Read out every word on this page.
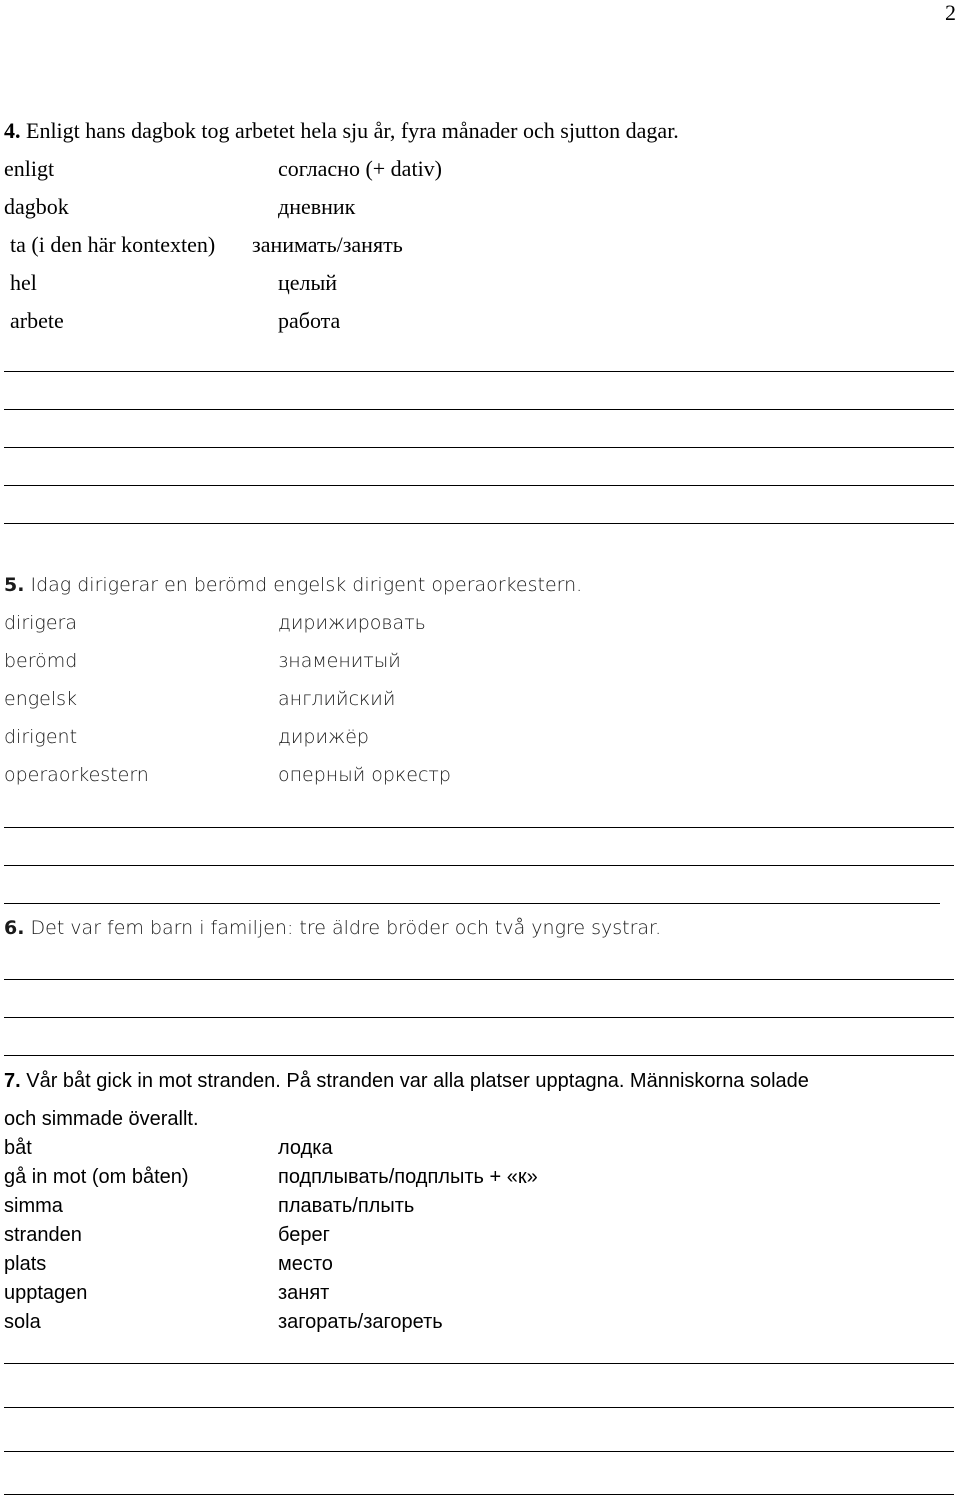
2
4. Enligt hans dagbok tog arbetet hela sju år, fyra månader och sjutton dagar.
enligt	согласно (+ dativ)
dagbok	дневник
ta (i den här kontexten) занимать/занять
hel	целый
arbete	работа
5. Idag dirigerar en berömd engelsk dirigent operaorkestern.
dirigera	дирижировать
berömd	знаменитый
engelsk	английский
dirigent	дирижёр
operaorkestern	оперный оркестр
6. Det var fem barn i familjen: tre äldre bröder och två yngre systrar.
7. Vår båt gick in mot stranden. På stranden var alla platser upptagna. Människorna solade
och simmade överallt.
båt	лодка
gå in mot (om båten)	подплывать/подплыть + «к»
simma	плавать/плыть
stranden	берег
plats	место
upptagen	занят
sola	загорать/загореть
